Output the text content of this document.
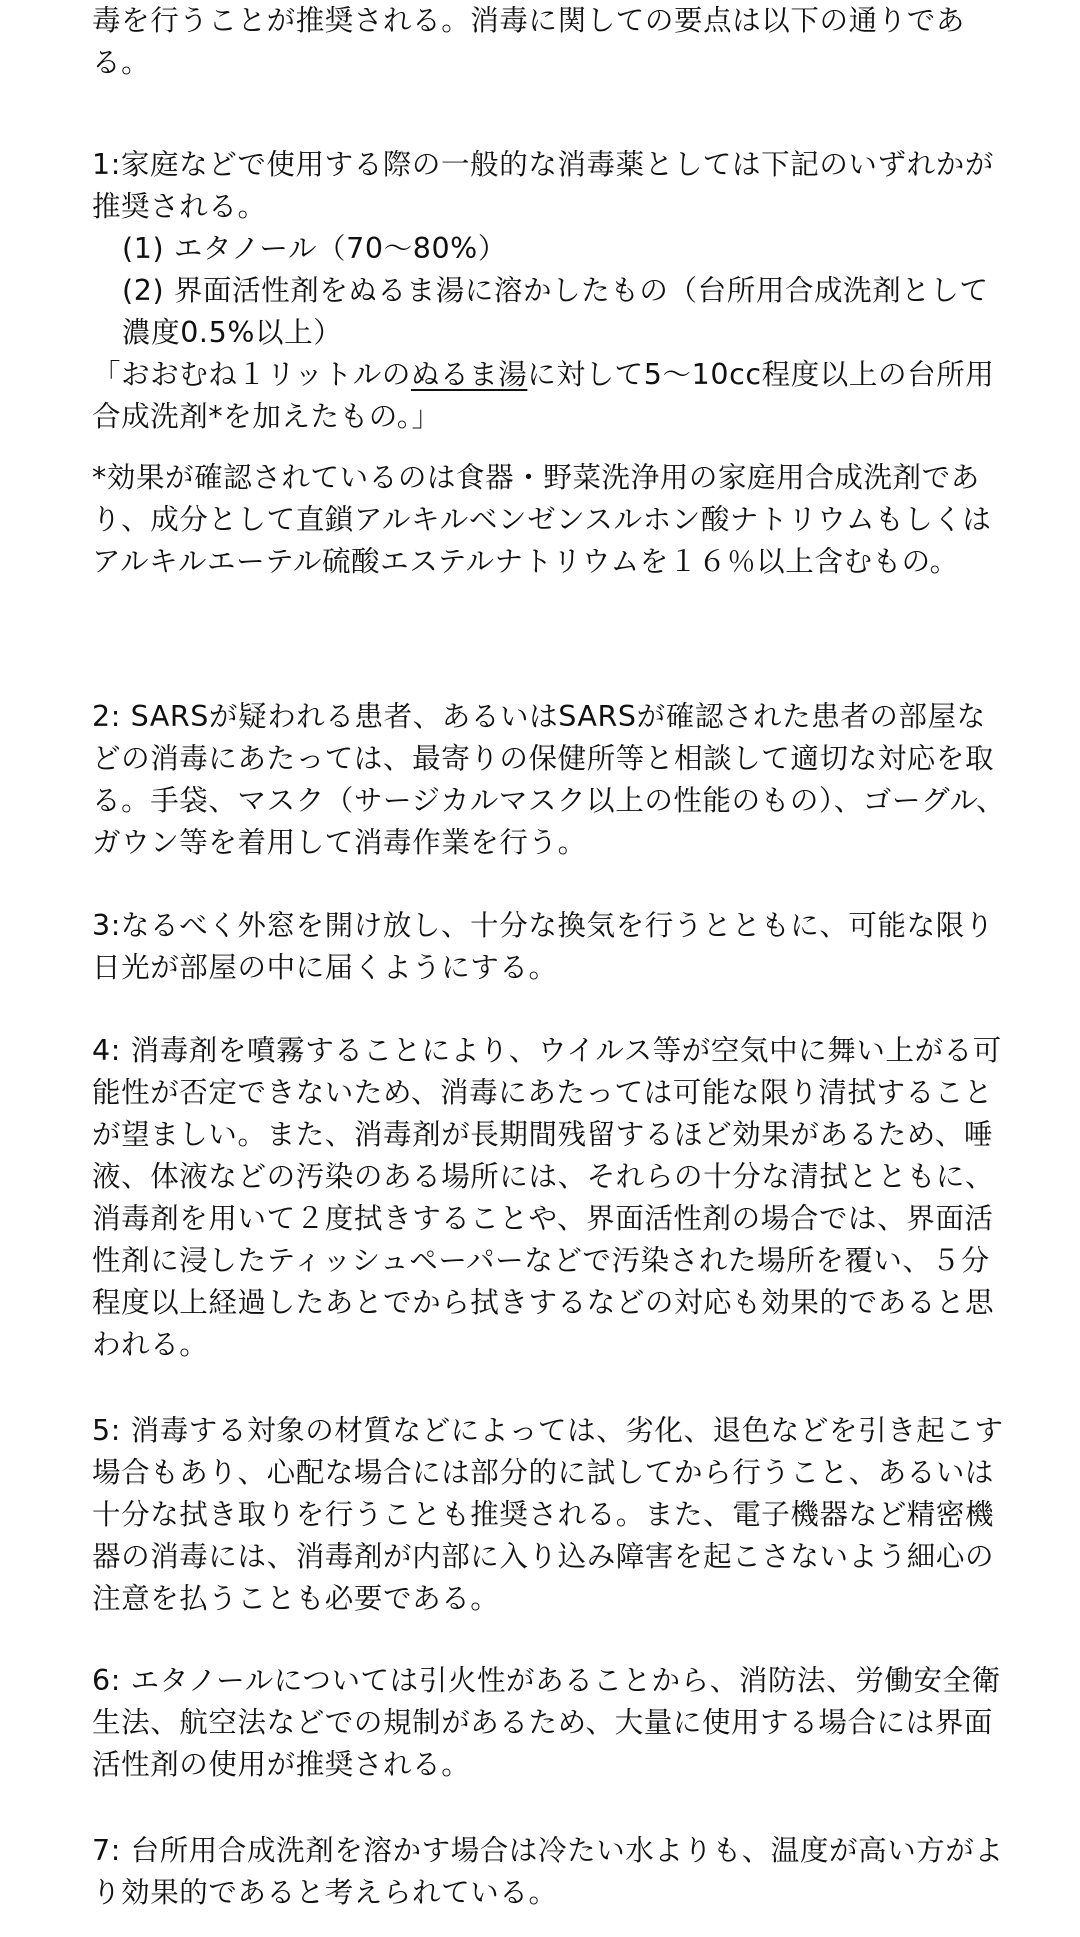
毒を行うことが推奨される。消毒に関しての要点は以下の通りである。

1:家庭などで使用する際の一般的な消毒薬としては下記のいずれかが推奨される。

(1) エタノール（70～80%）

(2) 界面活性剤をぬるま湯に溶かしたもの（台所用合成洗剤として濃度0.5%以上）

「おおむね１リットルのぬるま湯に対して5～10cc程度以上の台所用合成洗剤*を加えたもの。」

*効果が確認されているのは食器・野菜洗浄用の家庭用合成洗剤であり、成分として直鎖アルキルベンゼンスルホン酸ナトリウムもしくはアルキルエーテル硫酸エステルナトリウムを１６％以上含むもの。

2: SARSが疑われる患者、あるいはSARSが確認された患者の部屋などの消毒にあたっては、最寄りの保健所等と相談して適切な対応を取る。手袋、マスク（サージカルマスク以上の性能のもの）、ゴーグル、ガウン等を着用して消毒作業を行う。

3:なるべく外窓を開け放し、十分な換気を行うとともに、可能な限り日光が部屋の中に届くようにする。

4: 消毒剤を噴霧することにより、ウイルス等が空気中に舞い上がる可能性が否定できないため、消毒にあたっては可能な限り清拭することが望ましい。また、消毒剤が長期間残留するほど効果があるため、唾液、体液などの汚染のある場所には、それらの十分な清拭とともに、消毒剤を用いて２度拭きすることや、界面活性剤の場合では、界面活性剤に浸したティッシュペーパーなどで汚染された場所を覆い、５分程度以上経過したあとでから拭きするなどの対応も効果的であると思われる。

5: 消毒する対象の材質などによっては、劣化、退色などを引き起こす場合もあり、心配な場合には部分的に試してから行うこと、あるいは十分な拭き取りを行うことも推奨される。また、電子機器など精密機器の消毒には、消毒剤が内部に入り込み障害を起こさないよう細心の注意を払うことも必要である。

6: エタノールについては引火性があることから、消防法、労働安全衛生法、航空法などでの規制があるため、大量に使用する場合には界面活性剤の使用が推奨される。

7: 台所用合成洗剤を溶かす場合は冷たい水よりも、温度が高い方がより効果的であると考えられている。
